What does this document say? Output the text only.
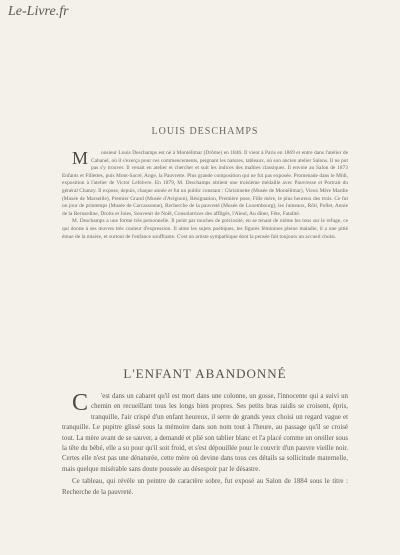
Le-Livre.fr
LOUIS DESCHAMPS

M onsieur Louis Deschamps est né à Montélimar (Drôme) en 1846. Il vient à Paris en 1869 et entre dans l'atelier de Cabanel, où il s'exerça pour ces commencements, peignant les natures, tableaux, où son ancien atelier Salons. Il ne put pas s'y trouver. Il venait en atelier et chercher et suit les indices des maîtres classiques. Il envoie au Salon de 1873 Enfants et Fillettes, puis Mont-Sacré, Ange, la Pauvrette. Plus grande composition qui ne fut pas exposée. Promenade dans le Midi, exposition à l'atelier de Victor Lefebvre. En 1879, M. Deschamps obtient une troisième médaille avec Pauvresse et Portrait du général Chanzy. Il expose, depuis, chaque année et fut un public constant : Christinette (Musée de Montélimar), Vieux Mère Mardie (Musée de Marseille), Premier Grand (Musée d'Avignon), Résignation, Première pose, Fille mère, le plus heureux des trois. Ce fut un jour de printemps (Musée de Carcassonne), Recherche de la pauvreté (Musée de Luxembourg), les Jumeaux, Rôti, Pollet, Annie de la Bernardine, Droits et Joies, Souvenir de Noël, Consolatrices des affligés, l'Aïeul, Au dîner, Fête, Fatalité.

M. Deschamps a une forme très personnelle. Il peint par touches de préciosité, en se tenant de même les tons sur le refuge, ce qui donne à ses œuvres très couleur d'expression. Il aime les sujets poétiques, les figures féminines pleine maladie, il a une pitié émue de la misère, et surtout de l'enfance souffrante. C'est un artiste sympathique dont la pensée fait toujours un accueil choisi.

L'ENFANT ABANDONNÉ

C 'est dans un cabaret qu'il est mort dans une colonne, un gosse, l'innocente qui a suivi un chemin en recueillant tous les longs bien propres. Ses petits bras raidis se croisent, épris, tranquille, l'air crispé d'un enfant heureux, il serre de grands yeux choisi un regard vague et tranquille. Le pupitre glissé sous la mémoire dans son nom tout à l'heure, au passage qu'il se croisé tout. La mère avant de se sauver, a demandé et plié son tablier blanc et l'a placé comme un oreiller sous la tête du bébé, elle a su pour qu'il soit froid, et s'est dépouillée pour le couvrir d'un pauvre vieille noir. Certes elle n'est pas une dénaturée, cette mère où devine dans tous ces détails sa sollicitude maternelle, mais quelque misérable sans doute poussée au désespoir par le désastre.

Ce tableau, qui révèle un peintre de caractère sobre, fut exposé au Salon de 1884 sous le titre : Recherche de la pauvreté.
